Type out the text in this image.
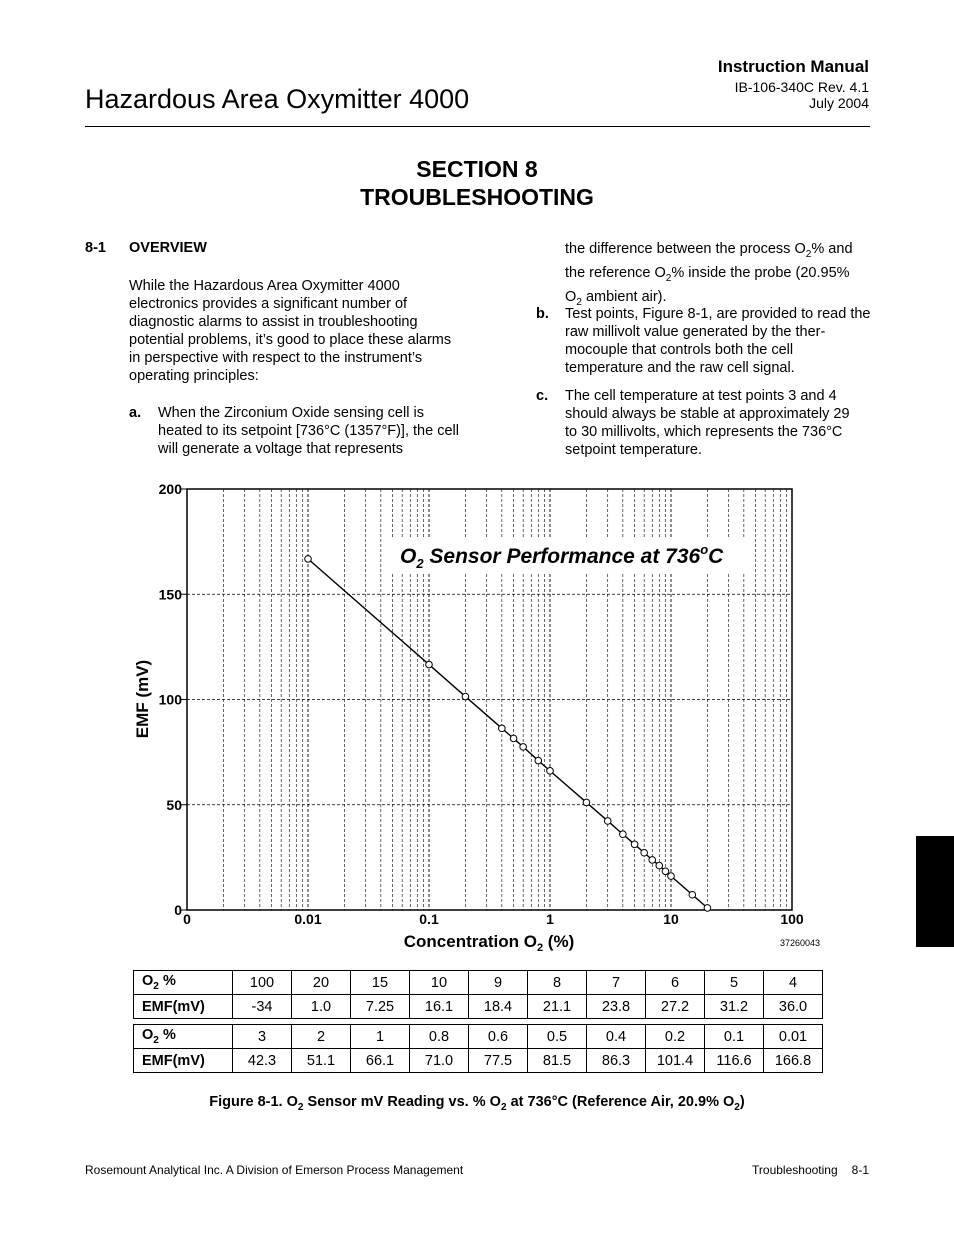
Hazardous Area Oxymitter 4000
Instruction Manual
IB-106-340C Rev. 4.1
July 2004
SECTION 8
TROUBLESHOOTING
8-1 OVERVIEW
While the Hazardous Area Oxymitter 4000 electronics provides a significant number of diagnostic alarms to assist in troubleshooting potential problems, it’s good to place these alarms in perspective with respect to the instrument’s operating principles:
a. When the Zirconium Oxide sensing cell is heated to its setpoint [736°C (1357°F)], the cell will generate a voltage that represents
the difference between the process $O_2\%$ and the reference $O_2\%$ inside the probe (20.95% $O_2$ ambient air).
b. Test points, Figure 8-1, are provided to read the raw millivolt value generated by the ther-mocouple that controls both the cell temperature and the raw cell signal.
c. The cell temperature at test points 3 and 4 should always be stable at approximately 29 to 30 millivolts, which represents the 736°C setpoint temperature.
$O_2$ Sensor Performance at 736$^o$C
0
50
100
150
200
0	0.01	0.1	1	10	100
EMF (mV)
Concentration $O_2$ (%)	37260043
$O_2$ %	100	20	15	10	9	8	7	6	5	4
EMF(mV)	-34	1.0	7.25	16.1	18.4	21.1	23.8	27.2	31.2	36.0
$O_2$ %	3	2	1	0.8	0.6	0.5	0.4	0.2	0.1	0.01
EMF(mV)	42.3	51.1	66.1	71.0	77.5	81.5	86.3	101.4	116.6	166.8
Figure 8-1. $O_2$ Sensor mV Reading vs. % $O_2$ at 736°C (Reference Air, 20.9% $O_2$)
Rosemount Analytical Inc. A Division of Emerson Process Management	Troubleshooting 8-1
